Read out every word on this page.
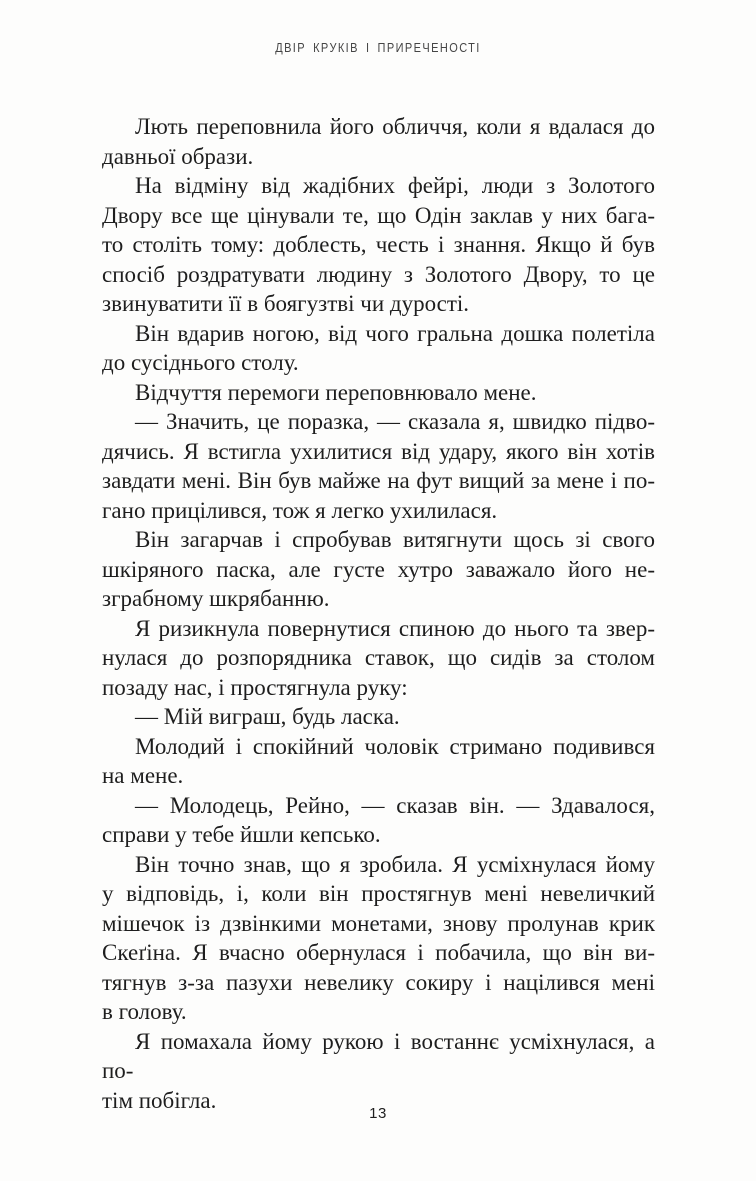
ДВІР КРУКІВ І ПРИРЕЧЕНОСТІ

Лють переповнила його обличчя, коли я вдалася до
давньої образи.

На відміну від жадібних фейрі, люди з Золотого
Двору все ще цінували те, що Одін заклав у них бага-
то століть тому: доблесть, честь і знання. Якщо й був
спосіб роздратувати людину з Золотого Двору, то це
звинуватити її в боягузтві чи дурості.

Він вдарив ногою, від чого гральна дошка полетіла
до сусіднього столу.

Відчуття перемоги переповнювало мене.

— Значить, це поразка, — сказала я, швидко підво-
дячись. Я встигла ухилитися від удару, якого він хотів
завдати мені. Він був майже на фут вищий за мене і по-
гано прицілився, тож я легко ухилилася.

Він загарчав і спробував витягнути щось зі свого
шкіряного паска, але густе хутро заважало його не-
зграбному шкрябанню.

Я ризикнула повернутися спиною до нього та звер-
нулася до розпорядника ставок, що сидів за столом
позаду нас, і простягнула руку:

— Мій виграш, будь ласка.

Молодий і спокійний чоловік стримано подивився
на мене.

— Молодець, Рейно, — сказав він. — Здавалося,
справи у тебе йшли кепсько.

Він точно знав, що я зробила. Я усміхнулася йому
у відповідь, і, коли він простягнув мені невеличкий
мішечок із дзвінкими монетами, знову пролунав крик
Скеґіна. Я вчасно обернулася і побачила, що він ви-
тягнув з-за пазухи невелику сокиру і націлився мені
в голову.

Я помахала йому рукою і востаннє усміхнулася, а по-
тім побігла.

13
